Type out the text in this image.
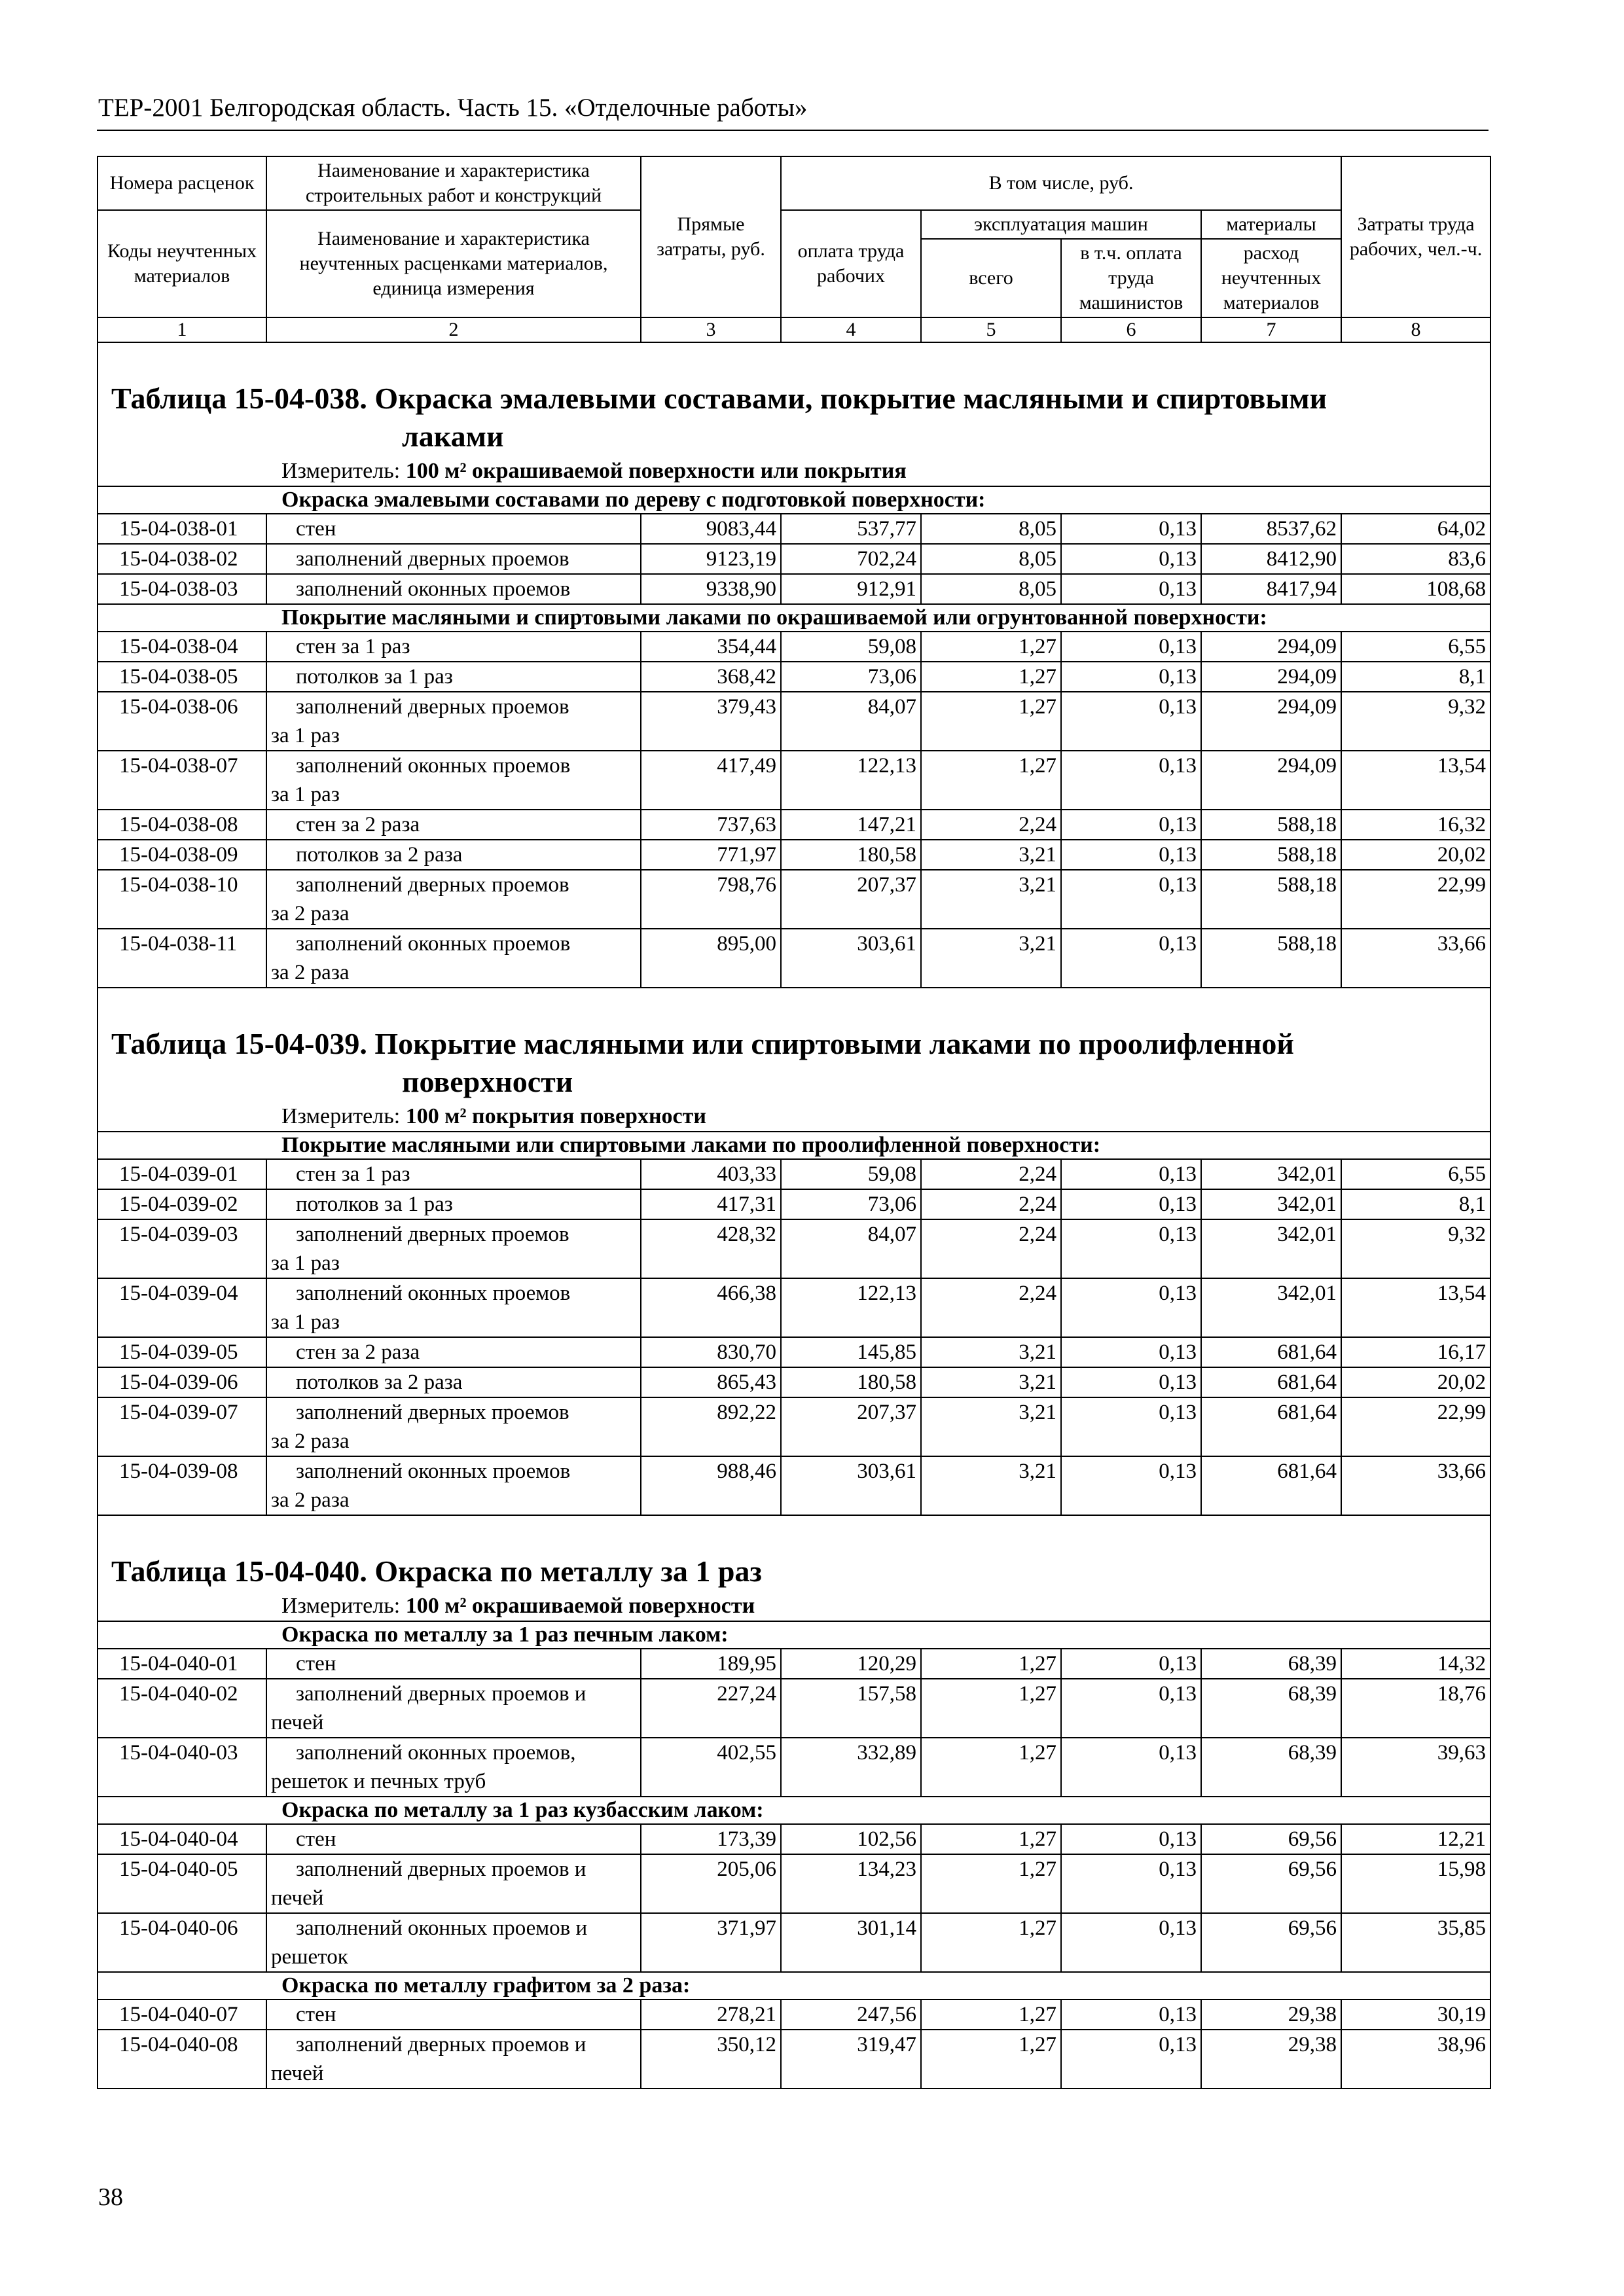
ТЕР-2001 Белгородская область. Часть 15. «Отделочные работы»
Номера расценок	Наименование и характеристика строительных работ и конструкций	Прямые затраты, руб.	В том числе, руб.				Затраты труда рабочих, чел.-ч.
Коды неучтенных материалов	Наименование и характеристика неучтенных расценками материалов, единица измерения		оплата труда рабочих	эксплуатация машин		материалы	
				всего	в т.ч. оплата труда машинистов	расход неучтенных материалов	
1	2	3	4	5	6	7	8

Таблица 15-04-038. Окраска эмалевыми составами, покрытие масляными и спиртовыми
лаками							

Измеритель: 100 м² окрашиваемой поверхности или покрытия							
Окраска эмалевыми составами по дереву с подготовкой поверхности:							
15-04-038-01	стен	9083,44	537,77	8,05	0,13	8537,62	64,02
15-04-038-02	заполнений дверных проемов	9123,19	702,24	8,05	0,13	8412,90	83,6
15-04-038-03	заполнений оконных проемов	9338,90	912,91	8,05	0,13	8417,94	108,68
Покрытие масляными и спиртовыми лаками по окрашиваемой или огрунтованной поверхности:							
15-04-038-04	стен за 1 раз	354,44	59,08	1,27	0,13	294,09	6,55
15-04-038-05	потолков за 1 раз	368,42	73,06	1,27	0,13	294,09	8,1
15-04-038-06	заполнений дверных проемов
за 1 раз	379,43	84,07	1,27	0,13	294,09	9,32
15-04-038-07	заполнений оконных проемов
за 1 раз	417,49	122,13	1,27	0,13	294,09	13,54
15-04-038-08	стен за 2 раза	737,63	147,21	2,24	0,13	588,18	16,32
15-04-038-09	потолков за 2 раза	771,97	180,58	3,21	0,13	588,18	20,02
15-04-038-10	заполнений дверных проемов
за 2 раза	798,76	207,37	3,21	0,13	588,18	22,99
15-04-038-11	заполнений оконных проемов
за 2 раза	895,00	303,61	3,21	0,13	588,18	33,66

Таблица 15-04-039. Покрытие масляными или спиртовыми лаками по проолифленной
поверхности							

Измеритель: 100 м² покрытия поверхности							
Покрытие масляными или спиртовыми лаками по проолифленной поверхности:							
15-04-039-01	стен за 1 раз	403,33	59,08	2,24	0,13	342,01	6,55
15-04-039-02	потолков за 1 раз	417,31	73,06	2,24	0,13	342,01	8,1
15-04-039-03	заполнений дверных проемов
за 1 раз	428,32	84,07	2,24	0,13	342,01	9,32
15-04-039-04	заполнений оконных проемов
за 1 раз	466,38	122,13	2,24	0,13	342,01	13,54
15-04-039-05	стен за 2 раза	830,70	145,85	3,21	0,13	681,64	16,17
15-04-039-06	потолков за 2 раза	865,43	180,58	3,21	0,13	681,64	20,02
15-04-039-07	заполнений дверных проемов
за 2 раза	892,22	207,37	3,21	0,13	681,64	22,99
15-04-039-08	заполнений оконных проемов
за 2 раза	988,46	303,61	3,21	0,13	681,64	33,66

Таблица 15-04-040. Окраска по металлу за 1 раз							

Измеритель: 100 м² окрашиваемой поверхности							
Окраска по металлу за 1 раз печным лаком:							
15-04-040-01	стен	189,95	120,29	1,27	0,13	68,39	14,32
15-04-040-02	заполнений дверных проемов и
печей	227,24	157,58	1,27	0,13	68,39	18,76
15-04-040-03	заполнений оконных проемов,
решеток и печных труб	402,55	332,89	1,27	0,13	68,39	39,63
Окраска по металлу за 1 раз кузбасским лаком:							
15-04-040-04	стен	173,39	102,56	1,27	0,13	69,56	12,21
15-04-040-05	заполнений дверных проемов и
печей	205,06	134,23	1,27	0,13	69,56	15,98
15-04-040-06	заполнений оконных проемов и
решеток	371,97	301,14	1,27	0,13	69,56	35,85
Окраска по металлу графитом за 2 раза:							
15-04-040-07	стен	278,21	247,56	1,27	0,13	29,38	30,19
15-04-040-08	заполнений дверных проемов и
печей	350,12	319,47	1,27	0,13	29,38	38,96
38
